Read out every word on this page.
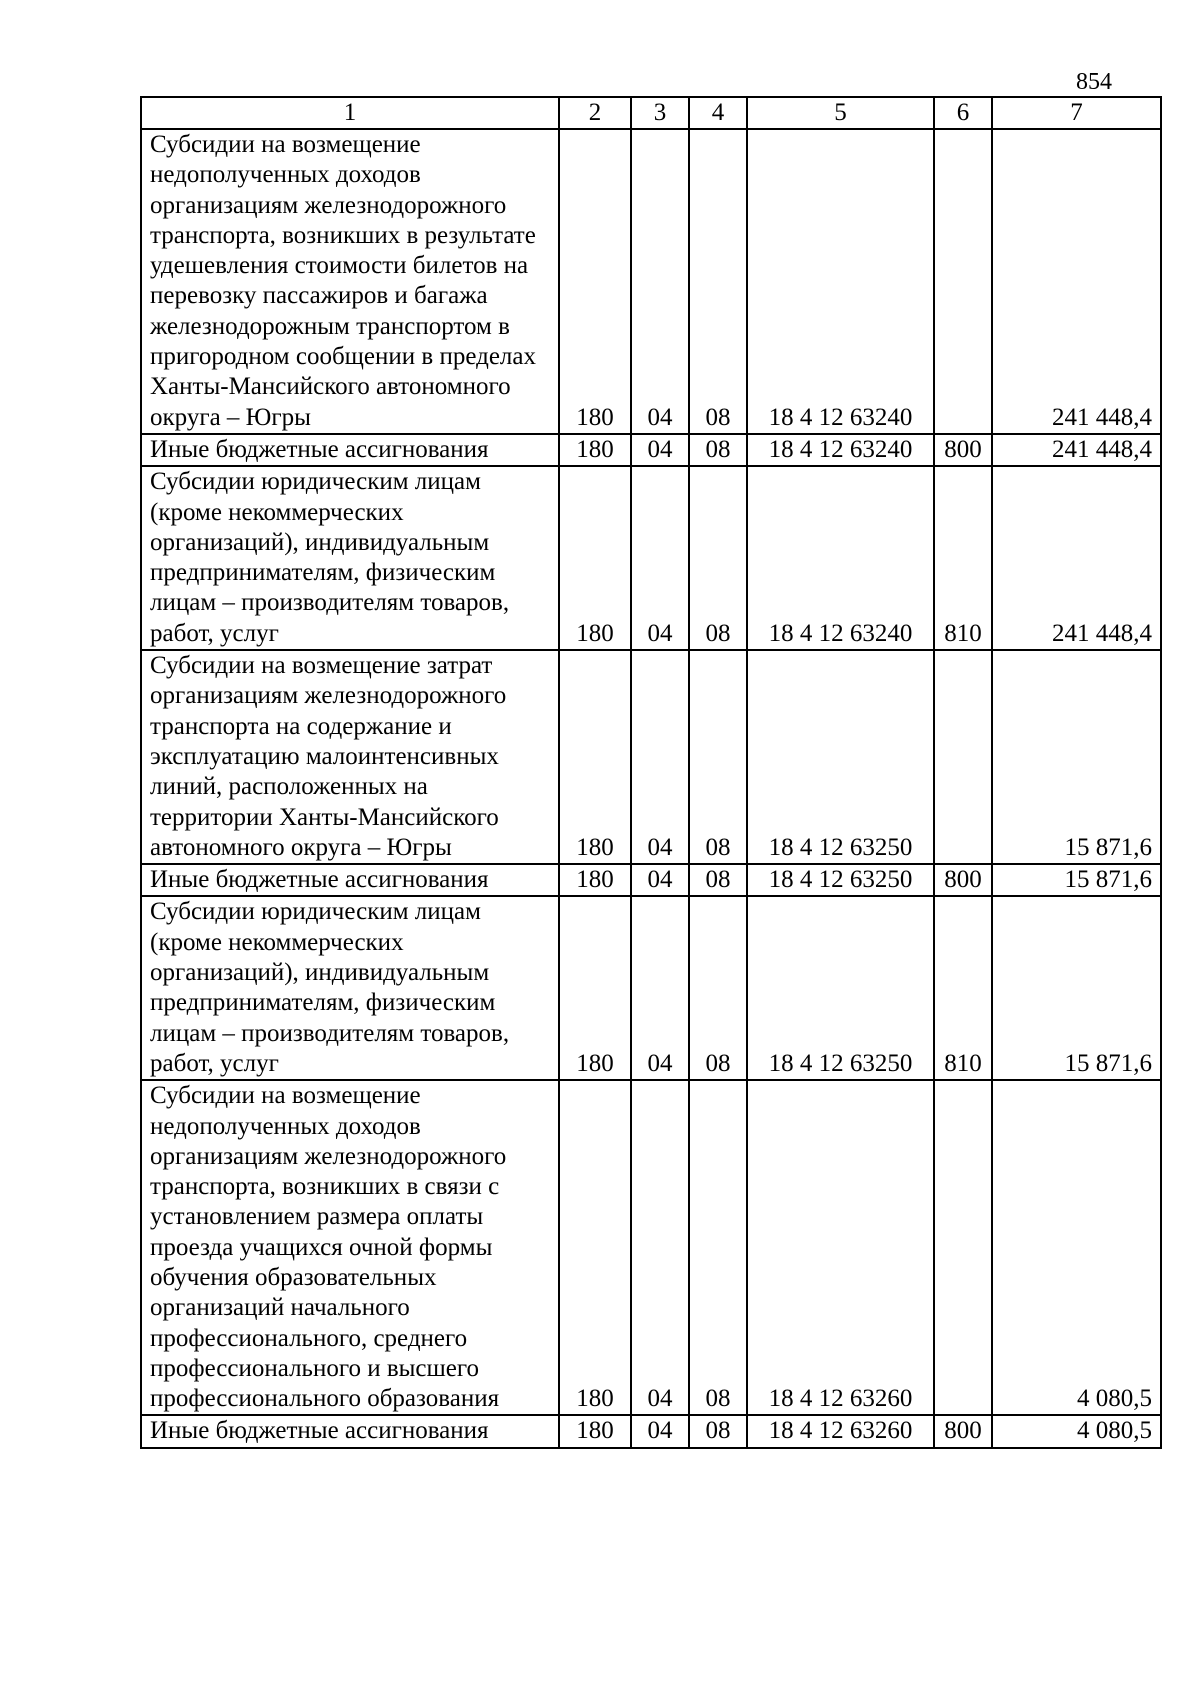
854
1	2	3	4	5	6	7
Субсидии на возмещение недополученных доходов организациям железнодорожного транспорта, возникших в результате удешевления стоимости билетов на перевозку пассажиров и багажа железнодорожным транспортом в пригородном сообщении в пределах Ханты-Мансийского автономного округа – Югры	180	04	08	18 4 12 63240		241 448,4
Иные бюджетные ассигнования	180	04	08	18 4 12 63240	800	241 448,4
Субсидии юридическим лицам (кроме некоммерческих организаций), индивидуальным предпринимателям, физическим лицам – производителям товаров, работ, услуг	180	04	08	18 4 12 63240	810	241 448,4
Субсидии на возмещение затрат организациям железнодорожного транспорта на содержание и эксплуатацию малоинтенсивных линий, расположенных на территории Ханты-Мансийского автономного округа – Югры	180	04	08	18 4 12 63250		15 871,6
Иные бюджетные ассигнования	180	04	08	18 4 12 63250	800	15 871,6
Субсидии юридическим лицам (кроме некоммерческих организаций), индивидуальным предпринимателям, физическим лицам – производителям товаров, работ, услуг	180	04	08	18 4 12 63250	810	15 871,6
Субсидии на возмещение недополученных доходов организациям железнодорожного транспорта, возникших в связи с установлением размера оплаты проезда учащихся очной формы обучения образовательных организаций начального профессионального, среднего профессионального и высшего профессионального образования	180	04	08	18 4 12 63260		4 080,5
Иные бюджетные ассигнования	180	04	08	18 4 12 63260	800	4 080,5
